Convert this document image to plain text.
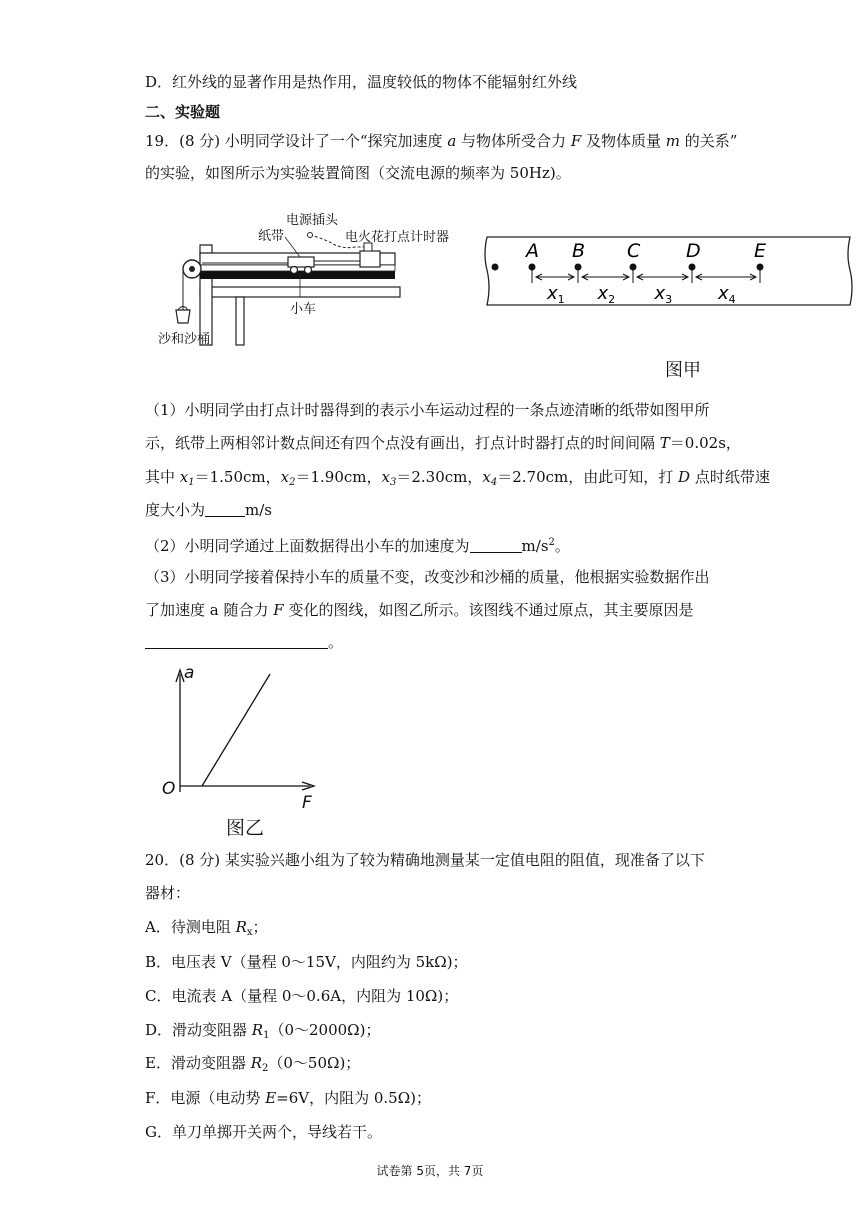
D．红外线的显著作用是热作用，温度较低的物体不能辐射红外线
二、实验题
19．(8 分) 小明同学设计了一个“探究加速度 a 与物体所受合力 F 及物体质量 m 的关系”
的实验，如图所示为实验装置简图（交流电源的频率为 50Hz)。
电源插头
纸带	电火花打点计时器
小车
沙和沙桶
A B C D	E
$x_1$ $x_2$ $x_3$	$x_4$
图甲
（1）小明同学由打点计时器得到的表示小车运动过程的一条点迹清晰的纸带如图甲所
示，纸带上两相邻计数点间还有四个点没有画出，打点计时器打点的时间间隔 T＝0.02s，
其中 $x_1=1.50cm$，$x_2=1.90cm$，$x_3=2.30cm$，$x_4=2.70cm$，由此可知，打 D 点时纸带速
度大小为	m/s
（2）小明同学通过上面数据得出小车的加速度为	$m/s^2$。
（3）小明同学接着保持小车的质量不变，改变沙和沙桶的质量，他根据实验数据作出
了加速度 a 随合力 F 变化的图线，如图乙所示。该图线不通过原点，其主要原因是
。
a
O
F
图乙
20．(8 分) 某实验兴趣小组为了较为精确地测量某一定值电阻的阻值，现准备了以下
器材：
A．待测电阻 $R_x$；
B．电压表 V（量程 0～15V，内阻约为 5kΩ)；
C．电流表 A（量程 0～0.6A，内阻为 10Ω)；
D．滑动变阻器 $R_1(0\sim 2000\Omega)$；
E．滑动变阻器 $R_2(0\sim 50\Omega)$；
F．电源（电动势 E=6V，内阻为 0.5Ω)；
G．单刀单掷开关两个，导线若干。
试卷第 5页，共 7页
